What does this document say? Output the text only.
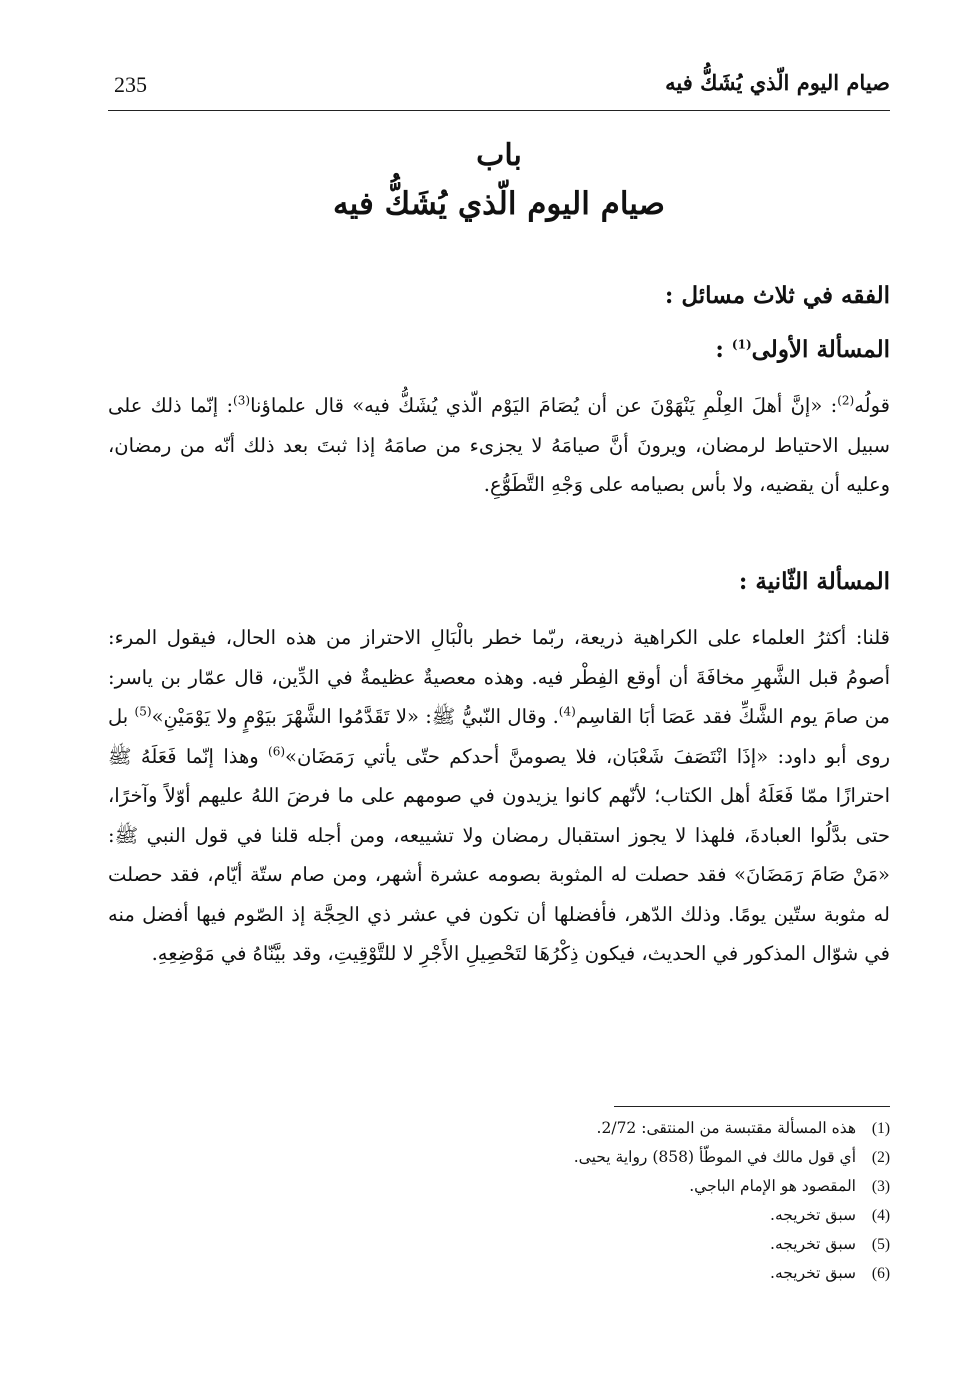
235	صيام اليوم الّذي يُشَكُّ فيه
باب
صيام اليوم الّذي يُشَكُّ فيه
الفقه في ثلاث مسائل :
المسألة الأولى$^{(1)}$ :

قولُه$^{(2)}$: «إنَّ أهلَ العِلْمِ يَنْهَوْنَ عن أن يُصَامَ اليَوْم الّذي يُشَكُّ فيه» قال علماؤنا$^{(3)}$: إنّما ذلك على سبيل الاحتياط لرمضان، ويرونَ أنَّ صيامَهُ لا يجزىء من صامَهُ إذا ثبتَ بعد ذلك أنّه من رمضان، وعليه أن يقضيه، ولا بأس بصيامه على وَجْهِ التَّطَوُّعِ.

المسألة الثّانية :

قلنا: أكثرُ العلماء على الكراهية ذريعة، ربّما خطر بالْبَالِ الاحتراز من هذه الحال، فيقول المرء: أصومُ قبل الشَّهرِ مخافَةَ أن أوقع الفِطْر فيه. وهذه معصيةٌ عظيمةٌ في الدِّين، قال عمّار بن ياسر: من صامَ يوم الشَّكِّ فقد عَصَا أبَا القاسِم$^{(4)}$. وقال النّبيُّ ﷺ: «لا تَقَدَّمُوا الشَّهْرَ بيَوْمٍ ولا يَوْمَيْنِ»$^{(5)}$ بل روى أبو داود: «إذَا انْتَصَفَ شَعْبَان، فلا يصومنَّ أحدكم حتّى يأتي رَمَضَان»$^{(6)}$ وهذا إنّما فَعَلَهُ ﷺ احترازًا ممّا فَعَلَهُ أهل الكتاب؛ لأنّهم كانوا يزيدون في صومهم على ما فرضَ اللهُ عليهم أوّلاً وآخرًا، حتى بدَّلُوا العبادةَ، فلهذا لا يجوز استقبال رمضان ولا تشييعه، ومن أجله قلنا في قول النبي ﷺ: «مَنْ صَامَ رَمَضَانَ» فقد حصلت له المثوبة بصومه عشرة أشهر، ومن صام ستّة أيّام، فقد حصلت له مثوبة ستّين يومًا. وذلك الدّهر، فأفضلها أن تكون في عشر ذي الحِجَّة إذ الصّوم فيها أفضل منه في شوّال المذكور في الحديث، فيكون ذِكْرُهَا لتَحْصِيلِ الأَجْرِ لا للتَّوْقِيتِ، وقد بيَّنّاهُ في مَوْضِعِهِ.

(1)هذه المسألة مقتبسة من المنتقى: 2/72.
(2)أي قول مالك في الموطّأ (858) رواية يحيى.
(3)المقصود هو الإمام الباجي.
(4)سبق تخريجه.
(5)سبق تخريجه.
(6)سبق تخريجه.
